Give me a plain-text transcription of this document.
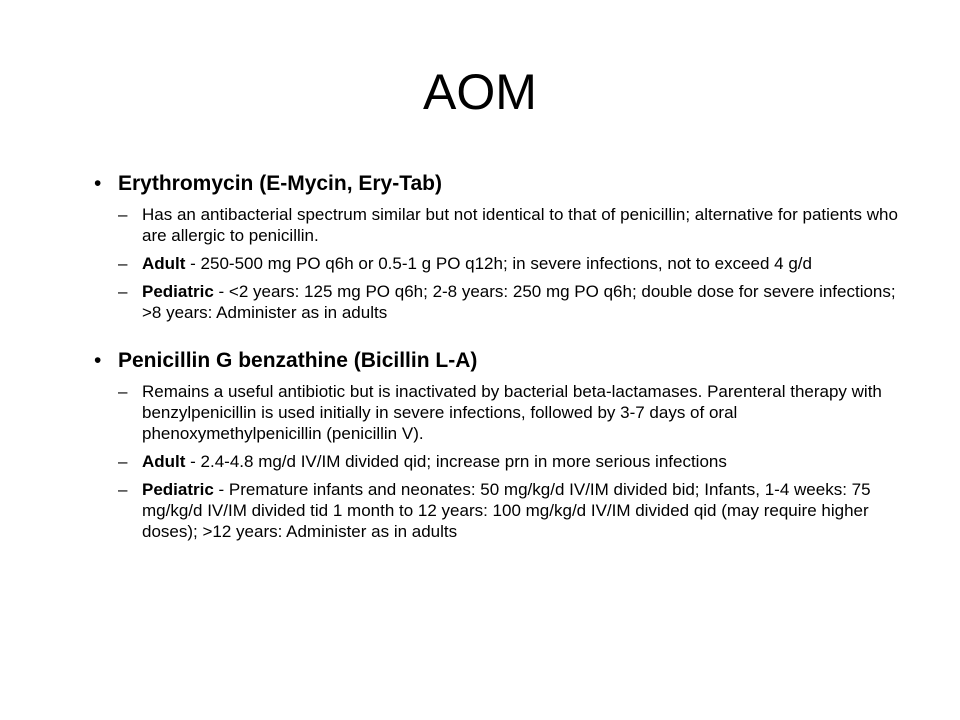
AOM

• Erythromycin (E-Mycin, Ery-Tab)

– Has an antibacterial spectrum similar but not identical to that of penicillin; alternative for patients who are allergic to penicillin.
– Adult - 250-500 mg PO q6h or 0.5-1 g PO q12h; in severe infections, not to exceed 4 g/d
– Pediatric - <2 years: 125 mg PO q6h; 2-8 years: 250 mg PO q6h; double dose for severe infections; >8 years: Administer as in adults

• Penicillin G benzathine (Bicillin L-A)

– Remains a useful antibiotic but is inactivated by bacterial beta-lactamases. Parenteral therapy with benzylpenicillin is used initially in severe infections, followed by 3-7 days of oral phenoxymethylpenicillin (penicillin V).
– Adult - 2.4-4.8 mg/d IV/IM divided qid; increase prn in more serious infections
– Pediatric - Premature infants and neonates: 50 mg/kg/d IV/IM divided bid; Infants, 1-4 weeks: 75 mg/kg/d IV/IM divided tid 1 month to 12 years: 100 mg/kg/d IV/IM divided qid (may require higher doses); >12 years: Administer as in adults
